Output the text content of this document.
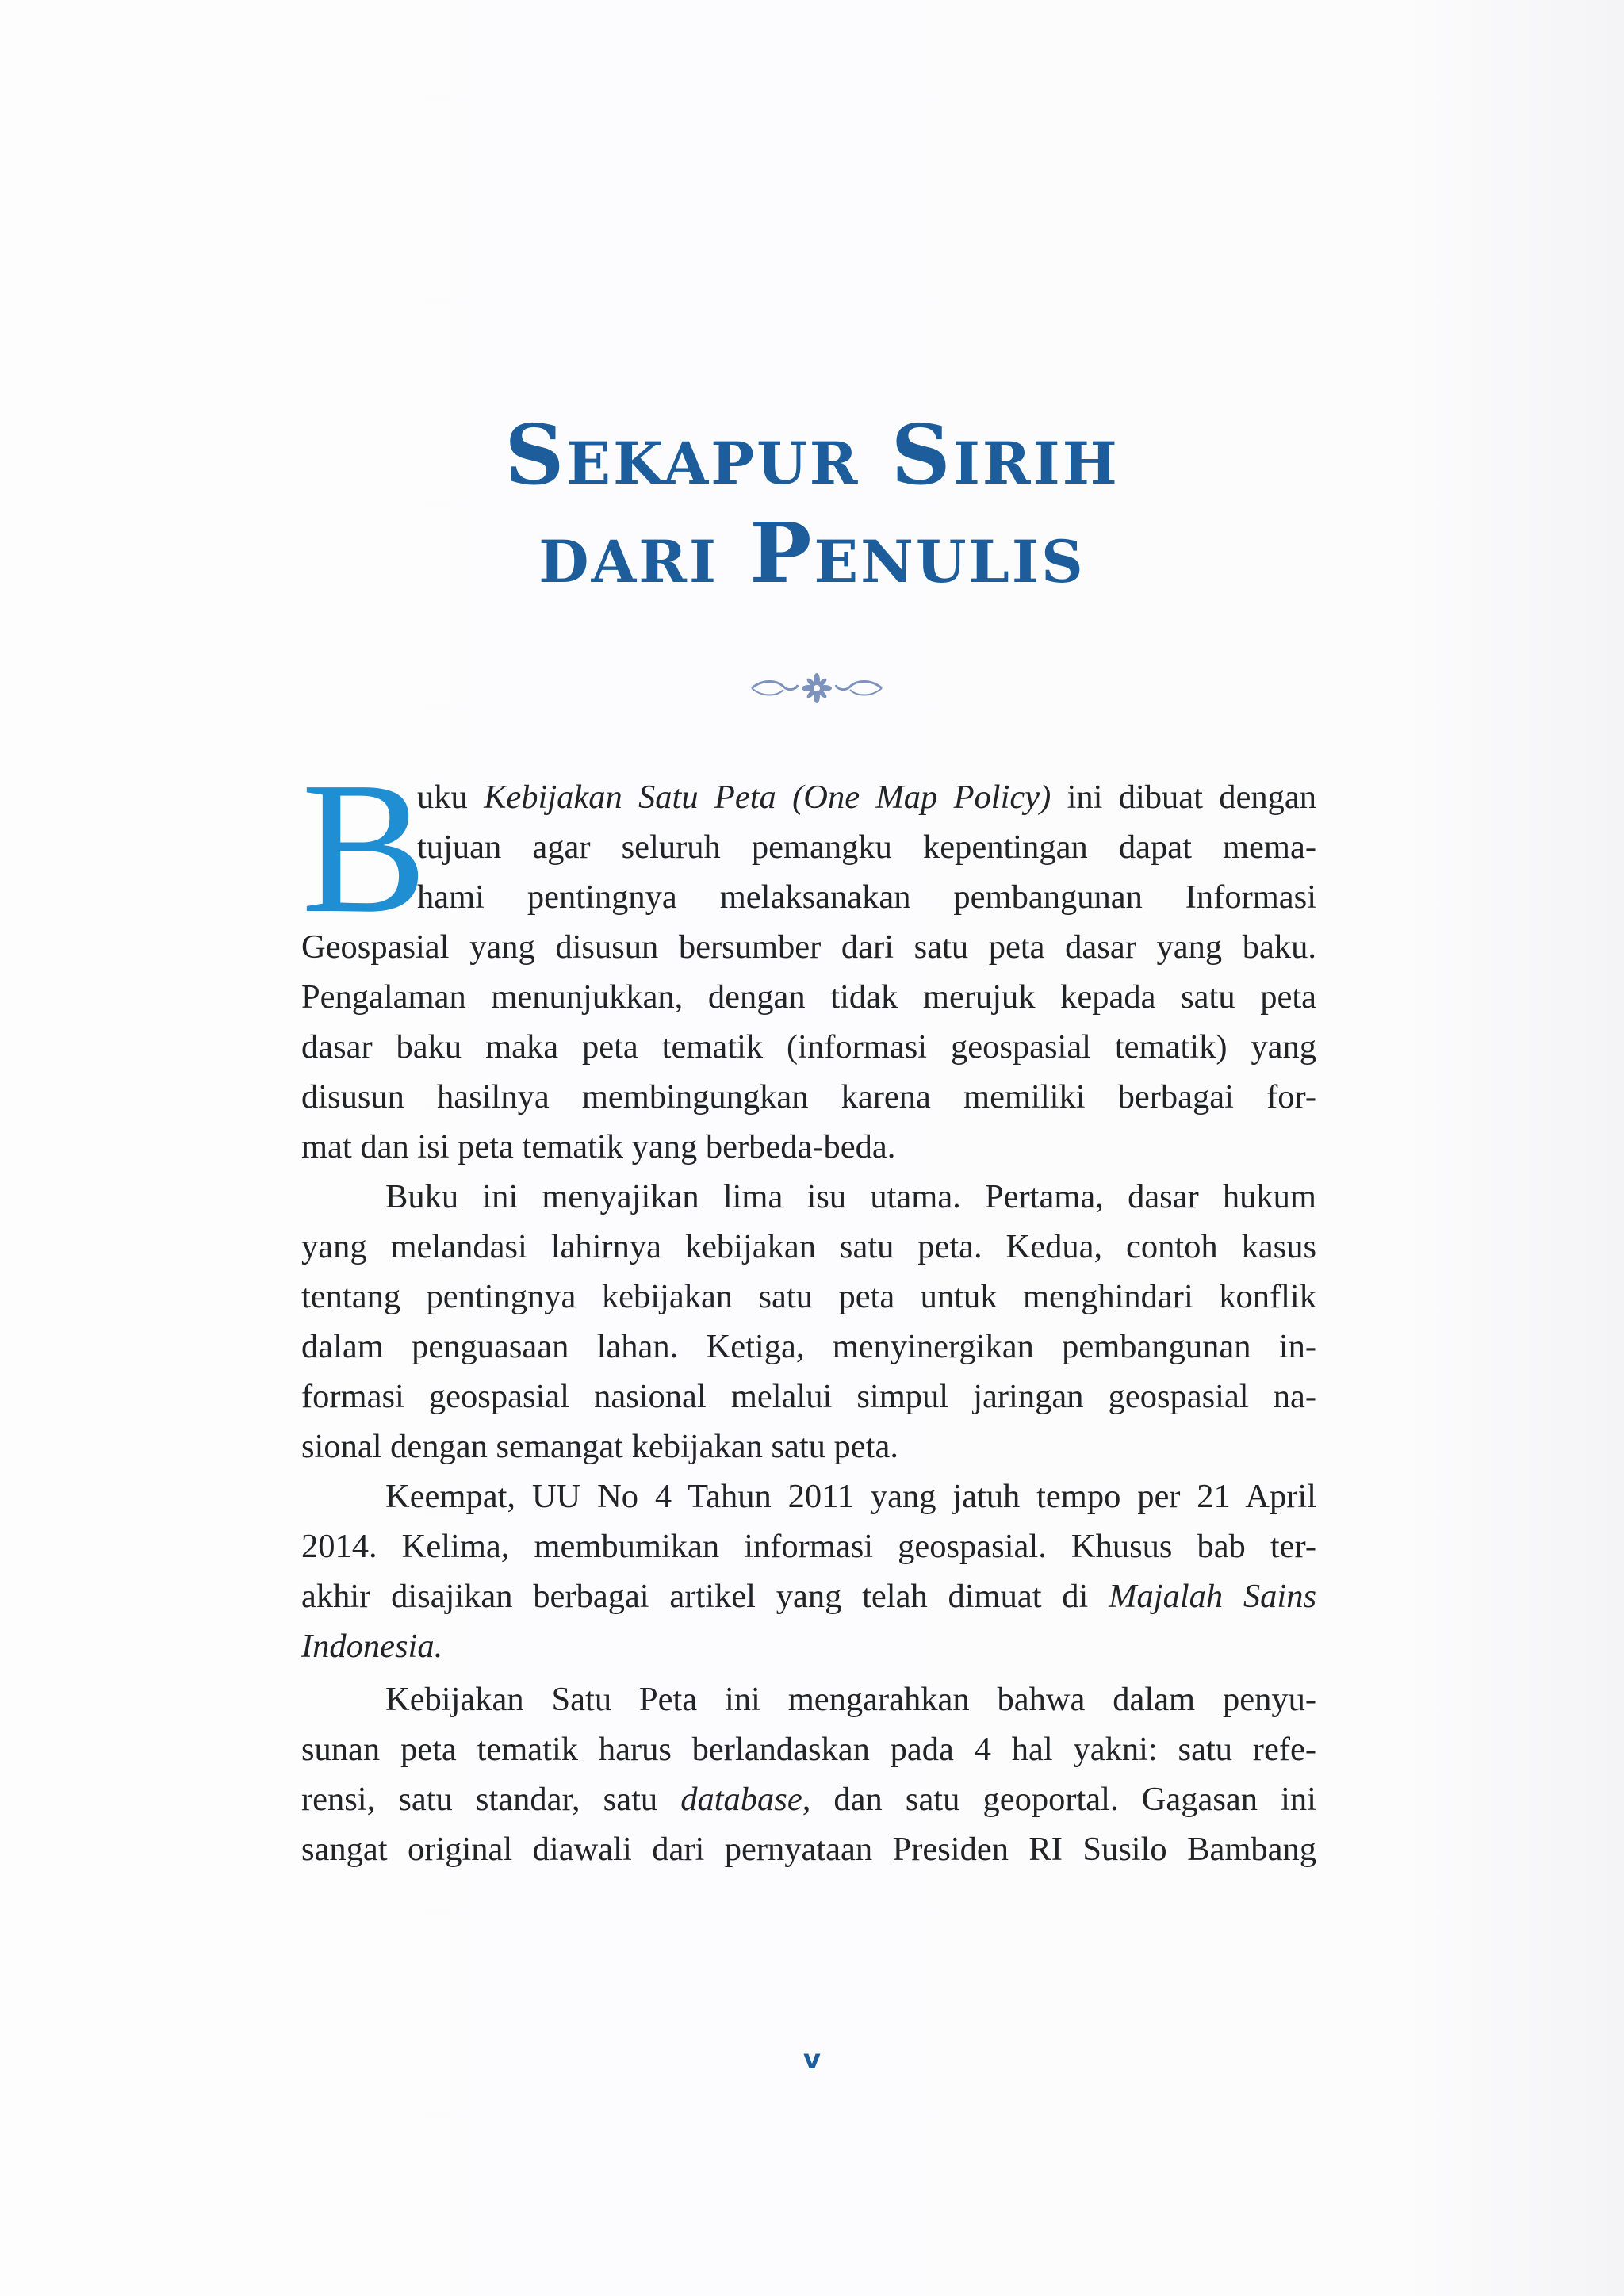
Sekapur Sirih
dari Penulis
B
uku Kebijakan Satu Peta (One Map Policy) ini dibuat dengan
tujuan agar seluruh pemangku kepentingan dapat mema-
hami pentingnya melaksanakan pembangunan Informasi
Geospasial yang disusun bersumber dari satu peta dasar yang baku.
Pengalaman menunjukkan, dengan tidak merujuk kepada satu peta
dasar baku maka peta tematik (informasi geospasial tematik) yang
disusun hasilnya membingungkan karena memiliki berbagai for-
mat dan isi peta tematik yang berbeda-beda.
Buku ini menyajikan lima isu utama. Pertama, dasar hukum
yang melandasi lahirnya kebijakan satu peta. Kedua, contoh kasus
tentang pentingnya kebijakan satu peta untuk menghindari konflik
dalam penguasaan lahan. Ketiga, menyinergikan pembangunan in-
formasi geospasial nasional melalui simpul jaringan geospasial na-
sional dengan semangat kebijakan satu peta.
Keempat, UU No 4 Tahun 2011 yang jatuh tempo per 21 April
2014. Kelima, membumikan informasi geospasial. Khusus bab ter-
akhir disajikan berbagai artikel yang telah dimuat di Majalah Sains
Indonesia.
Kebijakan Satu Peta ini mengarahkan bahwa dalam penyu-
sunan peta tematik harus berlandaskan pada 4 hal yakni: satu refe-
rensi, satu standar, satu database, dan satu geoportal. Gagasan ini
sangat original diawali dari pernyataan Presiden RI Susilo Bambang
v
